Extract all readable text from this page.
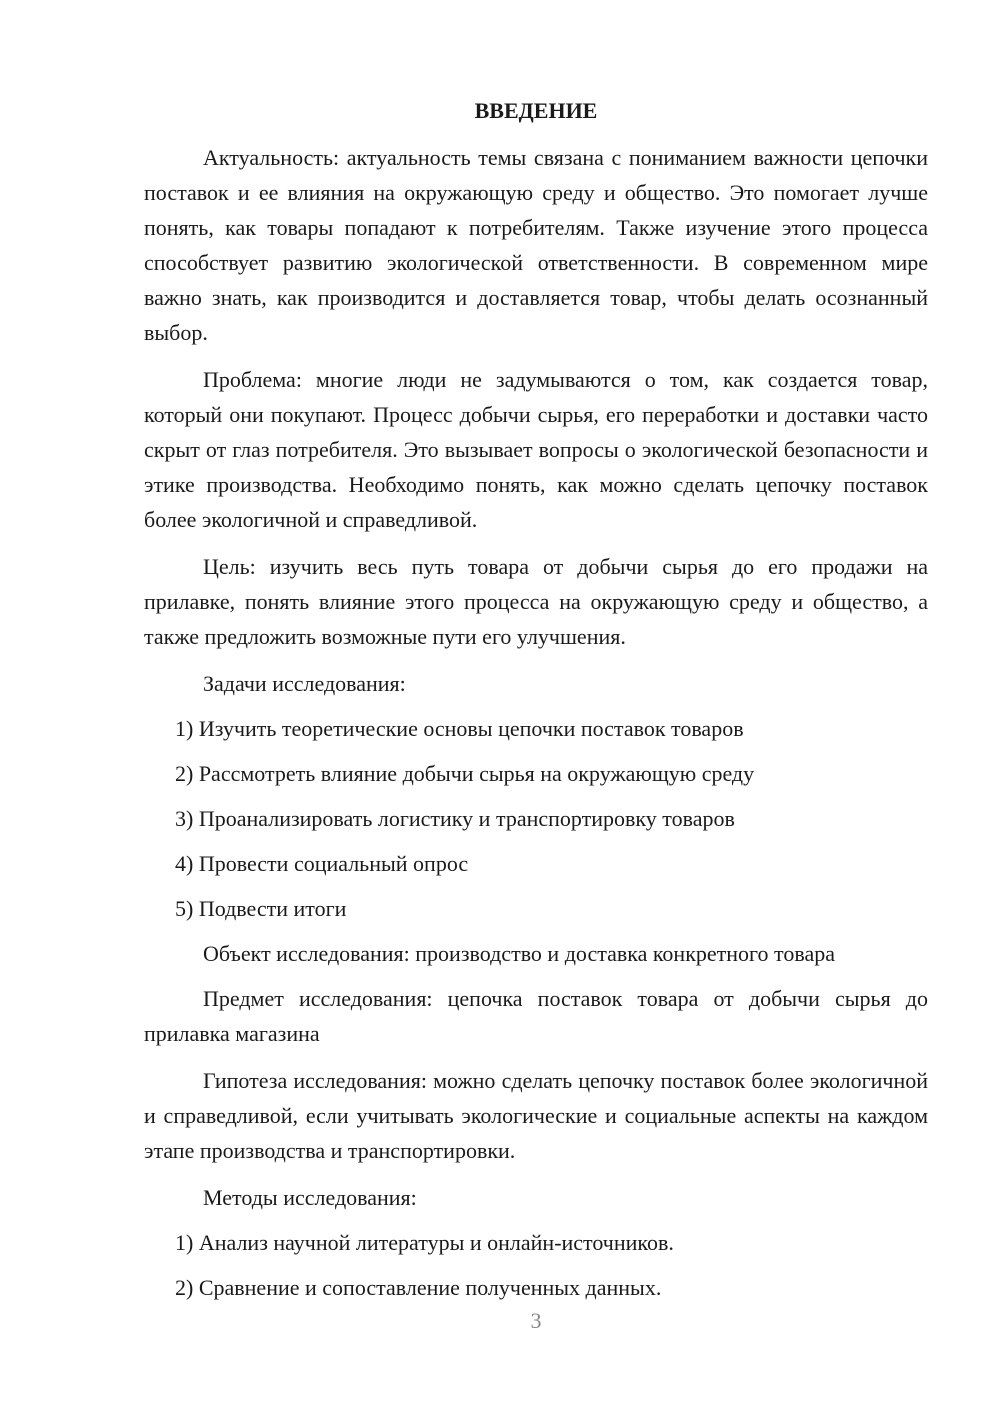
ВВЕДЕНИЕ

Актуальность: актуальность темы связана с пониманием важности цепочки поставок и ее влияния на окружающую среду и общество. Это помогает лучше понять, как товары попадают к потребителям. Также изучение этого процесса способствует развитию экологической ответственности. В современном мире важно знать, как производится и доставляется товар, чтобы делать осознанный выбор.

Проблема: многие люди не задумываются о том, как создается товар, который они покупают. Процесс добычи сырья, его переработки и доставки часто скрыт от глаз потребителя. Это вызывает вопросы о экологической безопасности и этике производства. Необходимо понять, как можно сделать цепочку поставок более экологичной и справедливой.

Цель: изучить весь путь товара от добычи сырья до его продажи на прилавке, понять влияние этого процесса на окружающую среду и общество, а также предложить возможные пути его улучшения.

Задачи исследования:
1) Изучить теоретические основы цепочки поставок товаров
2) Рассмотреть влияние добычи сырья на окружающую среду
3) Проанализировать логистику и транспортировку товаров
4) Провести социальный опрос
5) Подвести итоги
Объект исследования: производство и доставка конкретного товара

Предмет исследования: цепочка поставок товара от добычи сырья до прилавка магазина

Гипотеза исследования: можно сделать цепочку поставок более экологичной и справедливой, если учитывать экологические и социальные аспекты на каждом этапе производства и транспортировки.

Методы исследования:
1) Анализ научной литературы и онлайн-источников.
2) Сравнение и сопоставление полученных данных.
3
